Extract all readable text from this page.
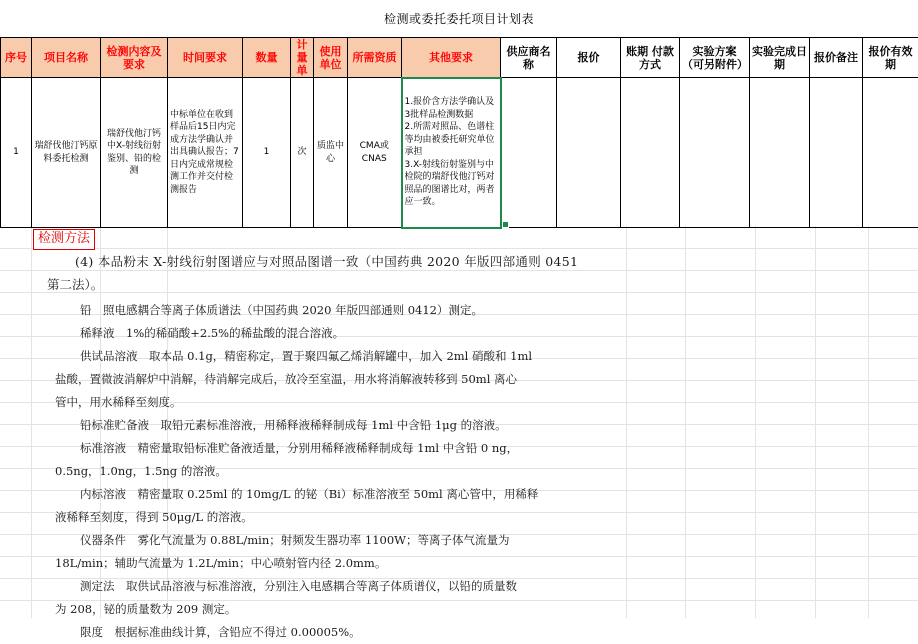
检测或委托委托项目计划表
序号	项目名称	检测内容及要求	时间要求	数量	计量单	使用单位	所需资质	其他要求	供应商名称	报价	账期 付款方式	实验方案（可另附件）	实验完成日期	报价备注	报价有效期
1	瑞舒伐他汀钙原料委托检测	瑞舒伐他汀钙中X-射线衍射鉴别、铅的检测	中标单位在收到样品后15日内完成方法学确认并出具确认报告；7日内完成常规检测工作并交付检测报告	1	次	质监中心	CMA或CNAS	1.报价含方法学确认及3批样品检测数据
2.所需对照品、色谱柱等均由被委托研究单位承担
3.X-射线衍射鉴别与中检院的瑞舒伐他汀钙对照品的图谱比对，两者应一致。							
检测方法

(4) 本品粉末 X-射线衍射图谱应与对照品图谱一致（中国药典 2020 年版四部通则 0451

第二法）。

铅　照电感耦合等离子体质谱法（中国药典 2020 年版四部通则 0412）测定。

稀释液　1%的稀硝酸+2.5%的稀盐酸的混合溶液。

供试品溶液　取本品 0.1g，精密称定，置于聚四氟乙烯消解罐中，加入 2ml 硝酸和 1ml

盐酸，置微波消解炉中消解，待消解完成后，放冷至室温，用水将消解液转移到 50ml 离心

管中，用水稀释至刻度。

铅标准贮备液　取铅元素标准溶液，用稀释液稀释制成每 1ml 中含铅 1μg 的溶液。

标准溶液　精密量取铅标准贮备液适量，分别用稀释液稀释制成每 1ml 中含铅 0 ng，

0.5ng，1.0ng，1.5ng 的溶液。

内标溶液　精密量取 0.25ml 的 10mg/L 的铋（Bi）标准溶液至 50ml 离心管中，用稀释

液稀释至刻度，得到 50μg/L 的溶液。

仪器条件　雾化气流量为 0.88L/min；射频发生器功率 1100W；等离子体气流量为

18L/min；辅助气流量为 1.2L/min；中心喷射管内径 2.0mm。

测定法　取供试品溶液与标准溶液，分别注入电感耦合等离子体质谱仪，以铅的质量数

为 208，铋的质量数为 209 测定。

限度　根据标准曲线计算，含铅应不得过 0.00005%。
